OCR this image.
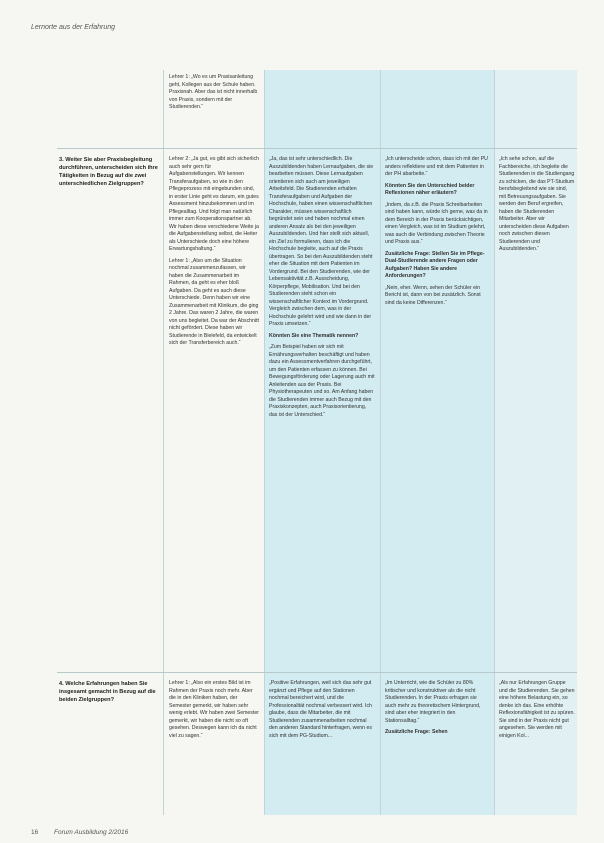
Lernorte aus der Erfahrung

Lehrer 1: „Wo es um Praxisanleitung geht, Kollegen aus der Schule haben. Praxisnah. Aber das ist nicht innerhalb von Praxis, sondern mit der Studierenden.“

3. Weiter Sie aber Praxisbegleitung durchführen, unterscheiden sich ihre Tätigkeiten in Bezug auf die zwei unterschiedlichen Zielgruppen?

Lehrer 2: „Ja gut, es gibt sich sicherlich auch sehr gern für Aufgabenstellungen. Wir kennen Transferaufgaben, so wie in den Pflegeprozess mit eingebunden sind, in erster Linie geht es darum, ein gutes Assessment hinzubekommen und im Pflegealltag. Und folgt man natürlich immer zum Kooperationspartner ab. Wir haben diese verschiedene Weite ja die Aufgabenstellung selbst, die Heiter als Unterschiede doch eine höhere Erwartungshaltung.“

Lehrer 1: „Also um die Situation nochmal zusammenzufassen, wir haben die Zusammenarbeit im Rahmen, da geht es eher bloß Aufgaben. Da geht es auch diese Unterschiede. Denn haben wir eine Zusammenarbeit mit Klinikum, die ging 2 Jahre. Das waren 2 Jahre, die waren von uns begleitet. Da war der Abschnitt nicht gefördert. Diese haben wir Studierende in Bielefeld, da entwickelt sich der Transferbereich auch.“

„Ja, das ist sehr unterschiedlich. Die Auszubildenden haben Lernaufgaben, die sie bearbeiten müssen. Diese Lernaufgaben orientieren sich auch am jeweiligen Arbeitsfeld. Die Studierenden erhalten Transferaufgaben und Aufgaben der Hochschule, haben einen wissenschaftlichen Charakter, müssen wissenschaftlich begründet sein und haben nochmal einen anderen Ansatz als bei den jeweiligen Auszubildenden. Und hier stellt sich aktuell, ein Ziel zu formulieren, dass ich die Hochschule begleite, auch auf die Praxis übertragen. So bei den Auszubildenden steht eher die Situation mit dem Patienten im Vordergrund. Bei den Studierenden, wie der Lebensaktivität z.B. Ausscheidung, Körperpflege, Mobilisation. Und bei den Studierenden steht schon ein wissenschaftlicher Kontext im Vordergrund. Vergleich zwischen dem, was in der Hochschule gelehrt wird und wie dann in der Praxis umsetzen.“

Könnten Sie eine Thematik nennen?

„Zum Beispiel haben wir sich mit Ernährungsverhalten beschäftigt und haben dazu ein Assessmentverfahren durchgeführt, um den Patienten erfassen zu können. Bei Bewegungsförderung oder Lagerung auch mit Anleitenden aus der Praxis. Bei Physiotherapeuten und so. Am Anfang haben die Studierenden immer auch Bezug mit den Praxiskonzepten, auch Praxisorientierung, das ist der Unterschied.“

„Ich unterscheide schon, dass ich mit der PU anders reflektiere und mit dem Patienten in der PH abarbeite.“

Könnten Sie den Unterschied beider Reflexionen näher erläutern?

„Indem, da z.B. die Praxis Schreibarbeiten sind haben kann, würde ich gerne, was da in dem Bereich in der Praxis berücksichtigen, einen Vergleich, was ist im Studium gelehrt, was auch die Verbindung zwischen Theorie und Praxis aus.“

Zusätzliche Frage: Stellen Sie im Pflege-Dual-Studierende andere Fragen oder Aufgaben? Haben Sie andere Anforderungen?

„Nein, eher. Wenn, sehen der Schüler ein Bericht ist, dann von bei zusätzlich. Sonst sind da keine Differenzen.“

„Ich sehe schon, auf die Fachbereiche, ich begleite die Studierenden in die Studiengang zu schicken, die das PT-Studium berufsbegleitend wie sie sind, mit Betreuungsaufgaben. Sie werden den Beruf ergreifen, haben die Studierenden Mitarbeiter. Aber wir unterscheiden diese Aufgaben noch zwischen diesen Studierenden und Auszubildenden.“

4. Welche Erfahrungen haben Sie insgesamt gemacht in Bezug auf die beiden Zielgruppen?

Lehrer 1: „Also ein erstes Bild ist im Rahmen der Praxis noch mehr. Aber die in den Kliniken haben, der Semester gemerkt, wir haben sehr wenig erlebt. Wir haben zwei Semester gemerkt, wir haben die nicht so oft gesehen. Deswegen kann ich da nicht viel zu sagen.“

„Positive Erfahrungen, weil sich das sehr gut ergänzt und Pflege auf den Stationen nochmal bereichert wird, und die Professionalität nochmal verbessert wird. Ich glaube, dass die Mitarbeiter, die mit Studierenden zusammenarbeiten nochmal den anderen Standard hinterfragen, wenn es sich mit dem PG-Studium...

„Im Unterricht, wie die Schüler zu 80% kritischer und konstruktiver als die nicht Studierenden. In der Praxis erfragen sie auch mehr zu theoretischem Hintergrund, sind aber eher integriert in den Stationsalltag.“

Zusätzliche Frage: Sehen

„Als nur Erfahrungen Gruppe und die Studierenden. Sie gehen eine höhere Belastung ein, so denke ich das. Eine erhöhte Reflexionsfähigkeit ist zu spüren. Sie sind in der Praxis nicht gut angesehen. Sie werden mit einigen Kol...

16 Forum Ausbildung 2/2016
